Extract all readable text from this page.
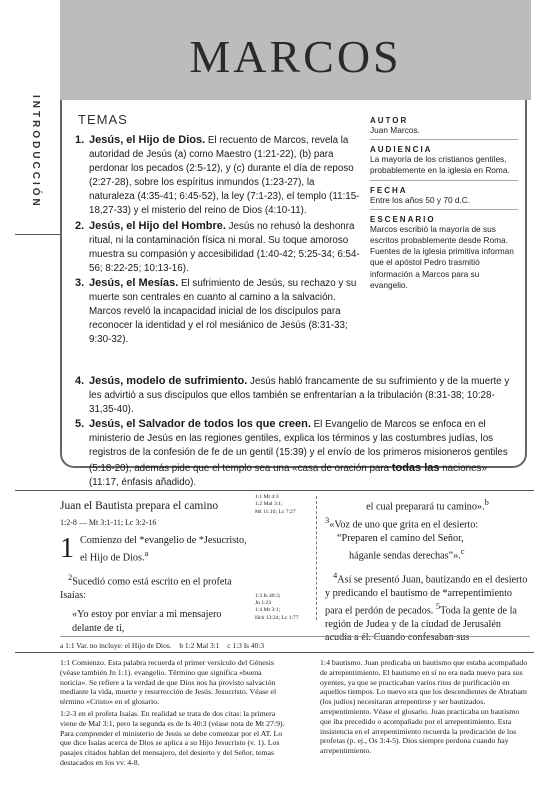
MARCOS
INTRODUCCIÓN	TEMAS
1. Jesús, el Hijo de Dios. El recuento de Marcos, revela la autoridad de Jesús (a) como Maestro (1:21-22), (b) para perdonar los pecados (2:5-12), y (c) durante el día de reposo (2:27-28), sobre los espíritus inmundos (1:23-27), la naturaleza (4:35-41; 6:45-52), la ley (7:1-23), el templo (11:15-18,27-33) y el misterio del reino de Dios (4:10-11).
2. Jesús, el Hijo del Hombre. Jesús no rehusó la deshonra ritual, ni la contaminación física ni moral. Su toque amoroso muestra su compasión y accesibilidad (1:40-42; 5:25-34; 6:54-56; 8:22-25; 10:13-16).
3. Jesús, el Mesías. El sufrimiento de Jesús, su rechazo y su muerte son centrales en cuanto al camino a la salvación. Marcos reveló la incapacidad inicial de los discípulos para reconocer la identidad y el rol mesiánico de Jesús (8:31-33; 9:30-32).
4. Jesús, modelo de sufrimiento. Jesús habló francamente de su sufrimiento y de la muerte y les advirtió a sus discípulos que ellos también se enfrentarían a la tribulación (8:31-38; 10:28-31,35-40).
5. Jesús, el Salvador de todos los que creen. El Evangelio de Marcos se enfoca en el ministerio de Jesús en las regiones gentiles, explica los términos y las costumbres judías, los registros de la confesión de fe de un gentil (15:39) y el envío de los primeros misioneros gentiles (5:18-20), además pide que el templo sea una «casa de oración para todas las naciones» (11:17, énfasis añadido).
AUTOR
Juan Marcos.
AUDIENCIA
La mayoría de los cristianos gentiles, probablemente en la iglesia en Roma.
FECHA
Entre los años 50 y 70 d.C.
ESCENARIO
Marcos escribió la mayoría de sus escritos probablemente desde Roma. Fuentes de la iglesia primitiva informan que el apóstol Pedro trasmitió información a Marcos para su evangelio.
Juan el Bautista prepara el camino
1:2-8 — Mt 3:1-11; Lc 3:2-16
1 Comienzo del *evangelio de *Jesucristo, el Hijo de Dios.$^a$
$^2$Sucedió como está escrito en el profeta Isaías:
«Yo estoy por enviar a mi mensajero delante de ti,
1:1 Mt 4:3
1:2 Mal 3:1;
Mt 11:10; Lc 7:27
1:3 Is 40:3;
Jn 1:23
1:4 Mt 3:1;
Hch 13:24; Lc 1:77
el cual preparará tu camino».$^b$
$^3$«Voz de uno que grita en el desierto:
“Preparen el camino del Señor,
háganle sendas derechas”».$^c$
$^4$Así se presentó Juan, bautizando en el desierto y predicando el bautismo de *arrepentimiento para el perdón de pecados. $^5$Toda la gente de la región de Judea y de la ciudad de Jerusalén acudía a él. Cuando confesaban sus
a 1:1 Var. no incluye: el Hijo de Dios. b 1:2 Mal 3:1 c 1:3 Is 40:3

1:1 Comienzo. Esta palabra recuerda el primer versículo del Génesis (véase también Jn 1:1). evangelio. Término que significa «buena noticia». Se refiere a la verdad de que Dios nos ha provisto salvación mediante la vida, muerte y resurrección de Jesús. Jesucristo. Véase el término «Cristo» en el glosario.

1:2-3 en el profeta Isaías. En realidad se trata de dos citas: la primera viene de Mal 3:1, pero la segunda es de Is 40:3 (véase nota de Mt 27:9). Para comprender el ministerio de Jesús se debe comenzar por el AT. Lo que dice Isaías acerca de Dios se aplica a su Hijo Jesucristo (v. 1). Los pasajes citados hablan del mensajero, del desierto y del Señor, temas destacados en los vv. 4-8.

1:4 bautismo. Juan predicaba un bautismo que estaba acompañado de arrepentimiento. El bautismo en sí no era nada nuevo para sus oyentes, ya que se practicaban varios ritos de purificación en aquellos tiempos. Lo nuevo era que los descendientes de Abraham (los judíos) necesitaran arrepentirse y ser bautizados. arrepentimiento. Véase el glosario. Juan practicaba un bautismo que iba precedido o acompañado por el arrepentimiento. Esta insistencia en el arrepentimiento recuerda la predicación de los profetas (p. ej., Os 3:4-5). Dios siempre perdona cuando hay arrepentimiento.
